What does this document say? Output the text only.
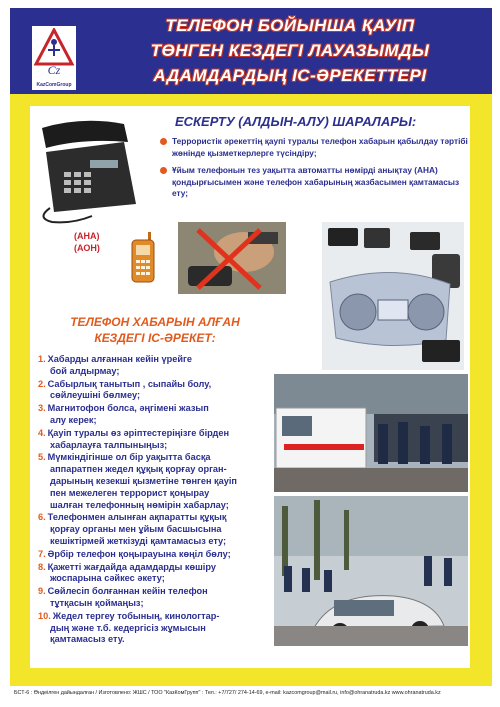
Cz
KazComGroup
ТЕЛЕФОН БОЙЫНША ҚАУІП
ТӨНГЕН КЕЗДЕГІ ЛАУАЗЫМДЫ
АДАМДАРДЫҢ ІС-ӘРЕКЕТТЕРІ
(АНА)
(АОН)
ЕСКЕРТУ (АЛДЫН-АЛУ) ШАРАЛАРЫ:
Террористік әрекеттің қаупі туралы телефон хабарын қабылдау тәртібі жөнінде қызметкерлерге түсіндіру;
Ұйым телефонын тез уақытта автоматты нөмірді анықтау (АНА) қондырғысымен және телефон хабарының жазбасымен қамтамасыз ету;
ТЕЛЕФОН ХАБАРЫН АЛҒАН
КЕЗДЕГІ ІС-ӘРЕКЕТ:
1. Хабарды алғаннан кейін үрейге
бой алдырмау;
2. Сабырлық танытып , сыпайы болу,
сөйлеушіні бөлмеу;
3. Магнитофон болса, әңгімені жазып
алу керек;
4. Қауіп туралы өз әріптестеріңізге бірден
хабарлауға талпыныңыз;
5. Мүмкіндігінше ол бір уақытта басқа
аппаратпен жедел құқық қорғау орган-
дарының кезекші қызметіне төнген қауіп
пен межелеген террорист қоңырау
шалған телефонның нөмірін хабарлау;
6. Телефонмен алынған ақпаратты құқық
қорғау органы мен ұйым басшысына
кешіктірмей жеткізуді қамтамасыз ету;
7. Әрбір телефон қоңырауына көңіл бөлу;
8. Қажетті жағдайда адамдарды көшіру
жоспарына сәйкес әкету;
9. Сөйлесіп болғаннан кейін телефон
тұтқасын қоймаңыз;
10. Жедел тергеу тобының, кинологтар-
дың және т.б. кедергісіз жұмысын
қамтамасыз ету.
БСТ-6 : Өндеілген дайындалған / Изготовлено: ЖШС / ТОО "КазКомГрупп" : Тел.: +7/727/ 274-14-69, e-mail: kazcomgroup@mail.ru, info@ohranatruda.kz www.ohranatruda.kz
